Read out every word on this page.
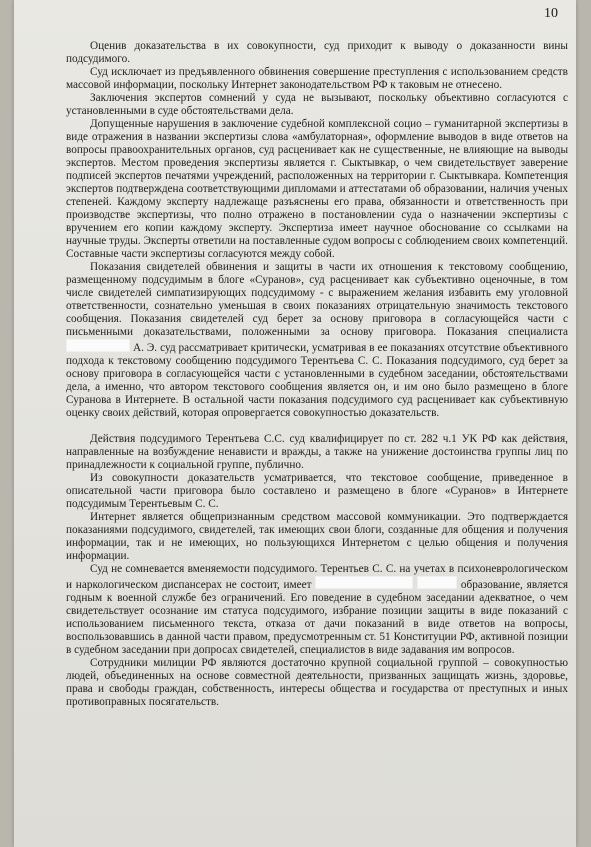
10

Оценив доказательства в их совокупности, суд приходит к выводу о доказанности вины подсудимого.

Суд исключает из предъявленного обвинения совершение преступления с использованием средств массовой информации, поскольку Интернет законодательством РФ к таковым не отнесено.

Заключения экспертов сомнений у суда не вызывают, поскольку объективно согласуются с установленными в суде обстоятельствами дела.

Допущенные нарушения в заключение судебной комплексной социо – гуманитарной экспертизы в виде отражения в названии экспертизы слова «амбулаторная», оформление выводов в виде ответов на вопросы правоохранительных органов, суд расценивает как не существенные, не влияющие на выводы экспертов. Местом проведения экспертизы является г. Сыктывкар, о чем свидетельствует заверение подписей экспертов печатями учреждений, расположенных на территории г. Сыктывкара. Компетенция экспертов подтверждена соответствующими дипломами и аттестатами об образовании, наличия ученых степеней. Каждому эксперту надлежаще разъяснены его права, обязанности и ответственность при производстве экспертизы, что полно отражено в постановлении суда о назначении экспертизы с вручением его копии каждому эксперту. Экспертиза имеет научное обоснование со ссылками на научные труды. Эксперты ответили на поставленные судом вопросы с соблюдением своих компетенций. Составные части экспертизы согласуются между собой.

Показания свидетелей обвинения и защиты в части их отношения к текстовому сообщению, размещенному подсудимым в блоге «Суранов», суд расценивает как субъективно оценочные, в том числе свидетелей симпатизирующих подсудимому - с выражением желания избавить ему уголовной ответственности, сознательно уменьшая в своих показаниях отрицательную значимость текстового сообщения. Показания свидетелей суд берет за основу приговора в согласующейся части с письменными доказательствами, положенными за основу приговора. Показания специалиста  А. Э. суд рассматривает критически, усматривая в ее показаниях отсутствие объективного подхода к текстовому сообщению подсудимого Терентьева С. С. Показания подсудимого, суд берет за основу приговора в согласующейся части с установленными в судебном заседании, обстоятельствами дела, а именно, что автором текстового сообщения является он, и им оно было размещено в блоге Суранова в Интернете. В остальной части показания подсудимого суд расценивает как субъективную оценку своих действий, которая опровергается совокупностью доказательств.

Действия подсудимого Терентьева С.С. суд квалифицирует по ст. 282 ч.1 УК РФ как действия, направленные на возбуждение ненависти и вражды, а также на унижение достоинства группы лиц по принадлежности к социальной группе, публично.

Из совокупности доказательств усматривается, что текстовое сообщение, приведенное в описательной части приговора было составлено и размещено в блоге «Суранов» в Интернете подсудимым Терентьевым С. С.

Интернет является общепризнанным средством массовой коммуникации. Это подтверждается показаниями подсудимого, свидетелей, так имеющих свои блоги, созданные для общения и получения информации, так и не имеющих, но пользующихся Интернетом с целью общения и получения информации.

Суд не сомневается вменяемости подсудимого. Терентьев С. С. на учетах в психоневрологическом и наркологическом диспансерах не состоит, имеет	образование, является годным к военной службе без ограничений. Его поведение в судебном заседании адекватное, о чем свидетельствует осознание им статуса подсудимого, избрание позиции защиты в виде показаний с использованием письменного текста, отказа от дачи показаний в виде ответов на вопросы, воспользовавшись в данной части правом, предусмотренным ст. 51 Конституции РФ, активной позиции в судебном заседании при допросах свидетелей, специалистов в виде задавания им вопросов.

Сотрудники милиции РФ являются достаточно крупной социальной группой – совокупностью людей, объединенных на основе совместной деятельности, призванных защищать жизнь, здоровье, права и свободы граждан, собственность, интересы общества и государства от преступных и иных противоправных посягательств.
